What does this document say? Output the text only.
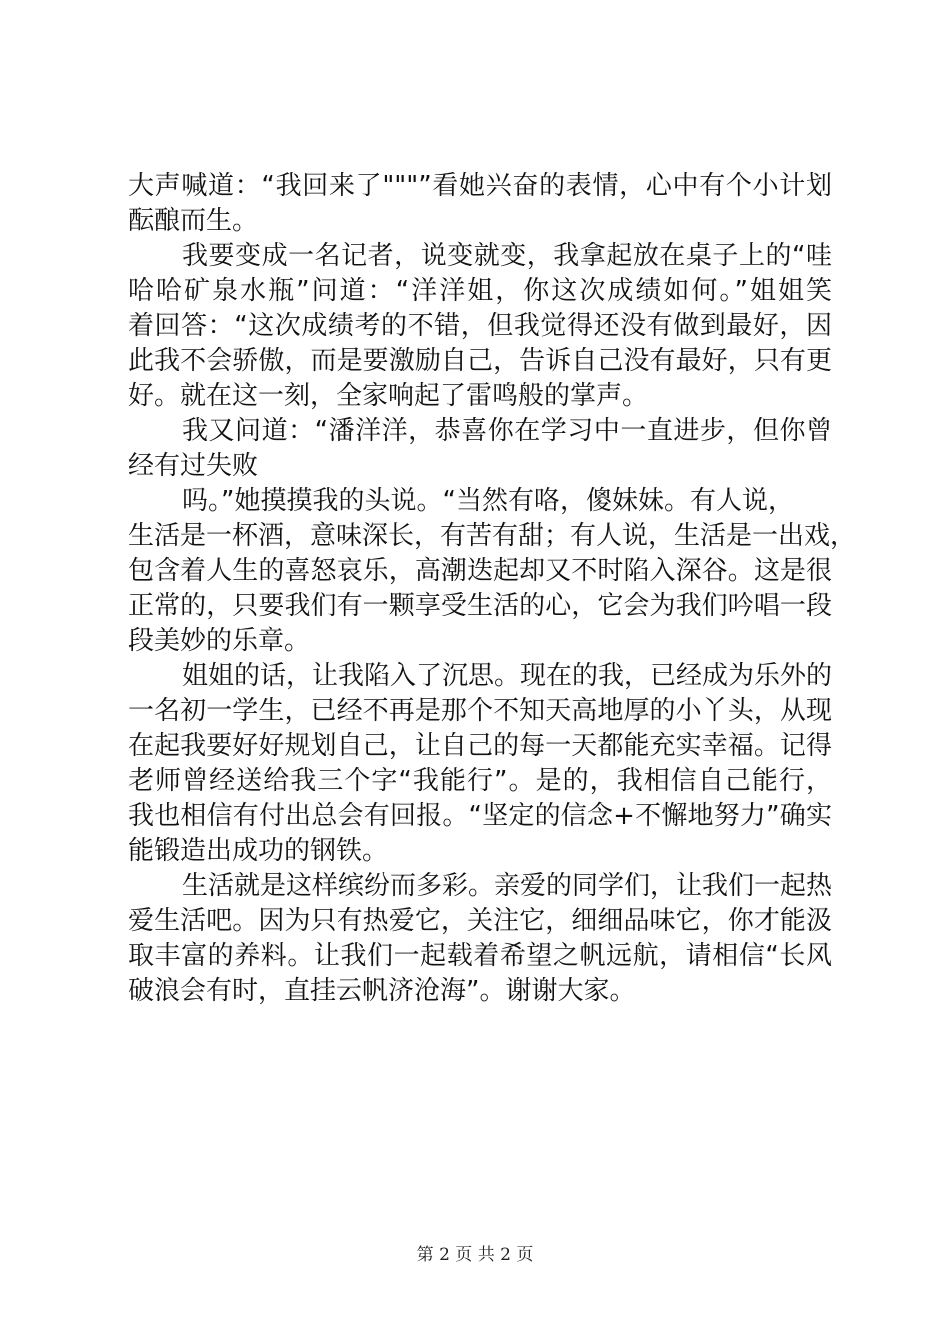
大声喊道：“我回来了"""”看她兴奋的表情，心中有个小计划
酝酿而生。
我要变成一名记者，说变就变，我拿起放在桌子上的“哇
哈哈矿泉水瓶”问道：“洋洋姐，你这次成绩如何。”姐姐笑
着回答：“这次成绩考的不错，但我觉得还没有做到最好，因
此我不会骄傲，而是要激励自己，告诉自己没有最好，只有更
好。就在这一刻，全家响起了雷鸣般的掌声。
我又问道：“潘洋洋，恭喜你在学习中一直进步，但你曾
经有过失败
吗。”她摸摸我的头说。“当然有咯，傻妹妹。有人说，
生活是一杯酒，意味深长，有苦有甜；有人说，生活是一出戏，
包含着人生的喜怒哀乐，高潮迭起却又不时陷入深谷。这是很
正常的，只要我们有一颗享受生活的心，它会为我们吟唱一段
段美妙的乐章。
姐姐的话，让我陷入了沉思。现在的我，已经成为乐外的
一名初一学生，已经不再是那个不知天高地厚的小丫头，从现
在起我要好好规划自己，让自己的每一天都能充实幸福。记得
老师曾经送给我三个字“我能行”。是的，我相信自己能行，
我也相信有付出总会有回报。“坚定的信念+不懈地努力”确实
能锻造出成功的钢铁。
生活就是这样缤纷而多彩。亲爱的同学们，让我们一起热
爱生活吧。因为只有热爱它，关注它，细细品味它，你才能汲
取丰富的养料。让我们一起载着希望之帆远航，请相信“长风
破浪会有时，直挂云帆济沧海”。谢谢大家。
第 2 页 共 2 页
